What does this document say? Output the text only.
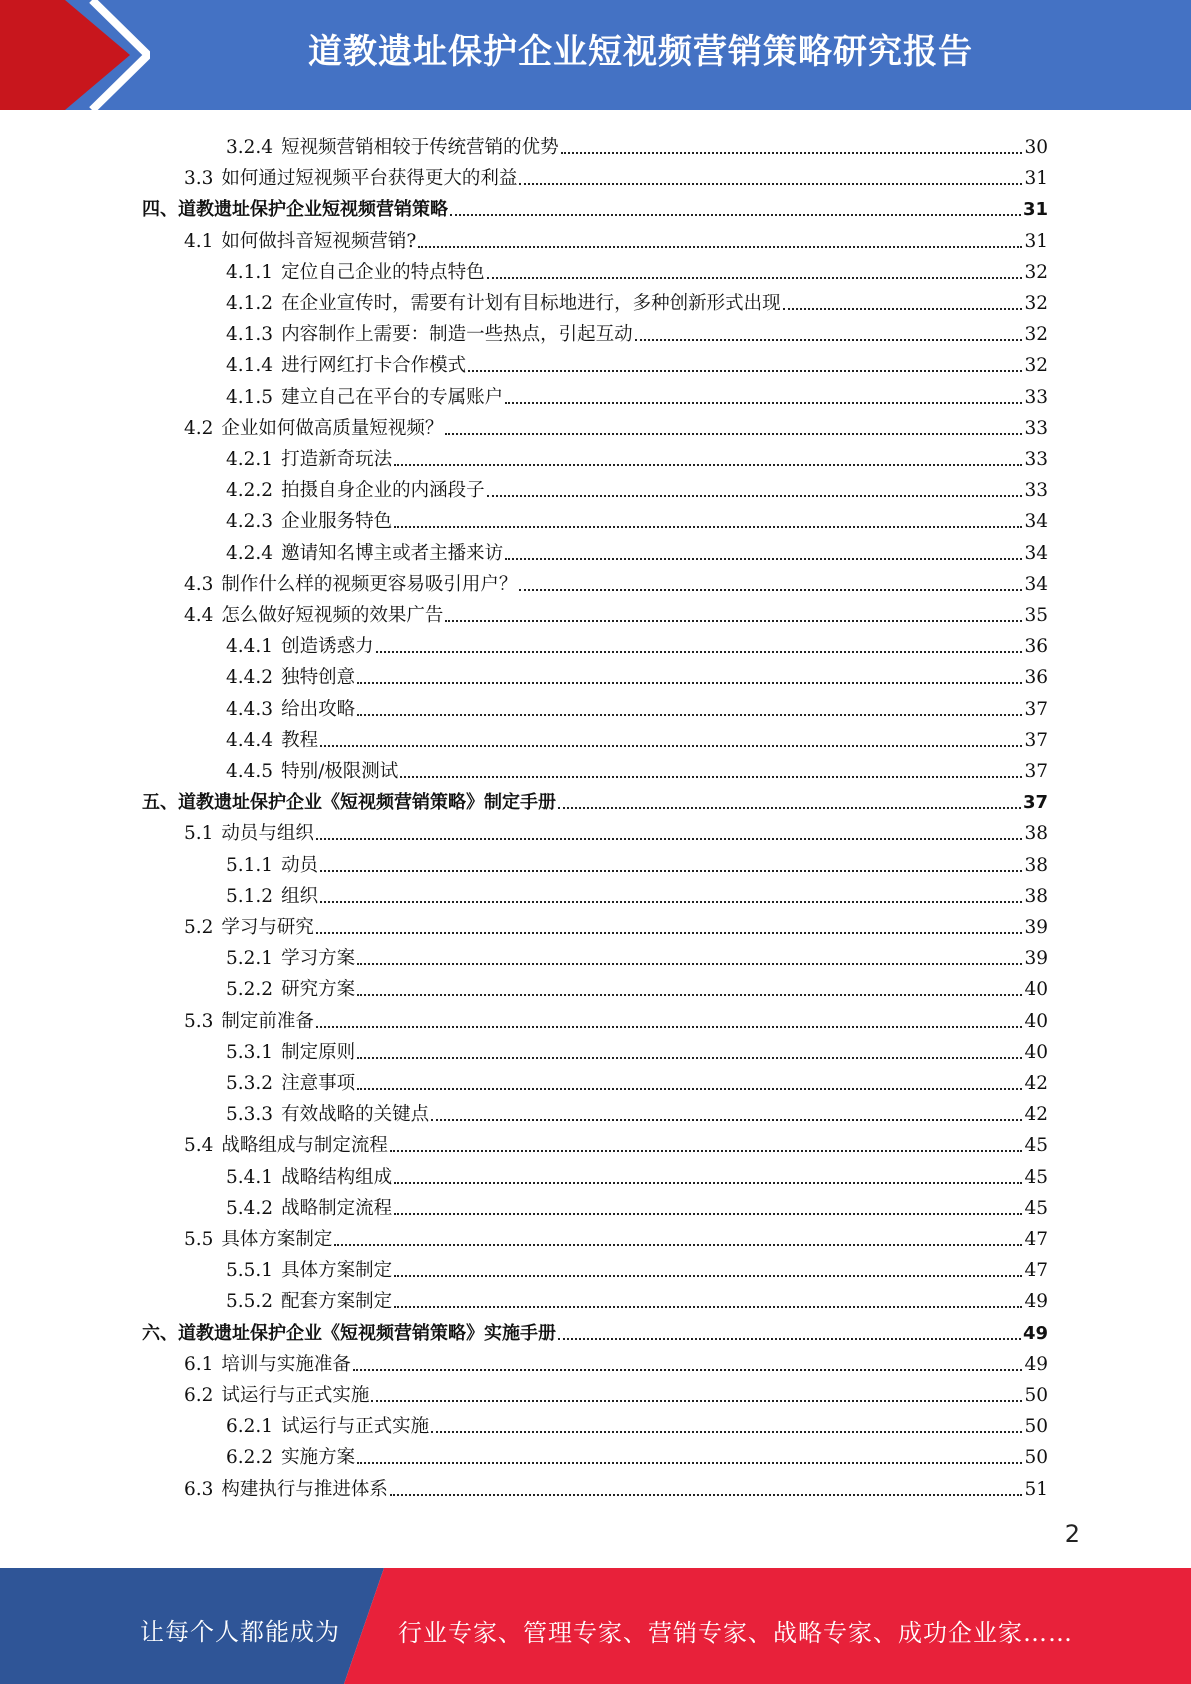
道教遗址保护企业短视频营销策略研究报告
3.2.4 短视频营销相较于传统营销的优势	30
3.3 如何通过短视频平台获得更大的利益	31
四、道教遗址保护企业短视频营销策略	31
4.1 如何做抖音短视频营销?	31
4.1.1 定位自己企业的特点特色	32
4.1.2 在企业宣传时，需要有计划有目标地进行，多种创新形式出现	32
4.1.3 内容制作上需要：制造一些热点，引起互动	32
4.1.4 进行网红打卡合作模式	32
4.1.5 建立自己在平台的专属账户	33
4.2 企业如何做高质量短视频？	33
4.2.1 打造新奇玩法	33
4.2.2 拍摄自身企业的内涵段子	33
4.2.3 企业服务特色	34
4.2.4 邀请知名博主或者主播来访	34
4.3 制作什么样的视频更容易吸引用户？	34
4.4 怎么做好短视频的效果广告	35
4.4.1 创造诱惑力	36
4.4.2 独特创意	36
4.4.3 给出攻略	37
4.4.4 教程	37
4.4.5 特别/极限测试	37
五、道教遗址保护企业《短视频营销策略》制定手册	37
5.1 动员与组织	38
5.1.1 动员	38
5.1.2 组织	38
5.2 学习与研究	39
5.2.1 学习方案	39
5.2.2 研究方案	40
5.3 制定前准备	40
5.3.1 制定原则	40
5.3.2 注意事项	42
5.3.3 有效战略的关键点	42
5.4 战略组成与制定流程	45
5.4.1 战略结构组成	45
5.4.2 战略制定流程	45
5.5 具体方案制定	47
5.5.1 具体方案制定	47
5.5.2 配套方案制定	49
六、道教遗址保护企业《短视频营销策略》实施手册	49
6.1 培训与实施准备	49
6.2 试运行与正式实施	50
6.2.1 试运行与正式实施	50
6.2.2 实施方案	50
6.3 构建执行与推进体系	51
2
让每个人都能成为 行业专家、管理专家、营销专家、战略专家、成功企业家……
